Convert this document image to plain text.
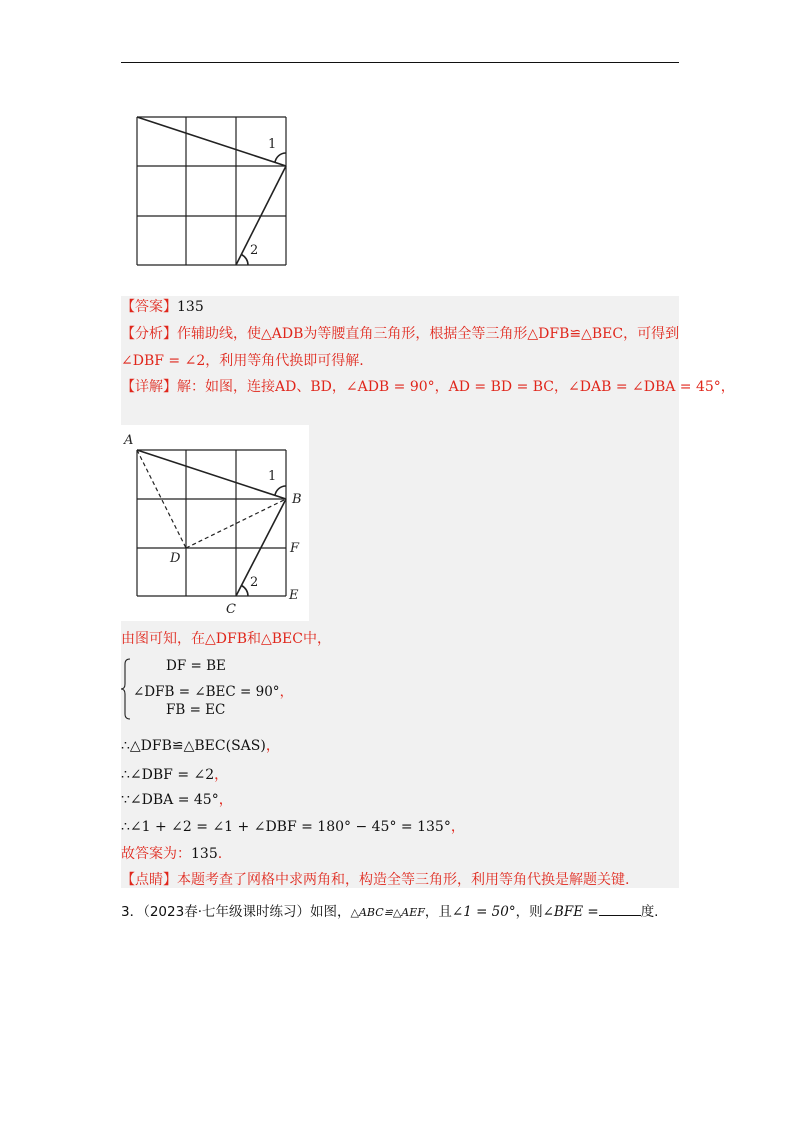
1
2
【答案】135
【分析】作辅助线，使△ADB为等腰直角三角形，根据全等三角形△DFB≌△BEC，可得到
∠DBF = ∠2，利用等角代换即可得解.
【详解】解：如图，连接AD、BD，∠ADB = 90°，AD = BD = BC，∠DAB = ∠DBA = 45°，
A
B
C
D
E
F
1
2
由图可知，在△DFB和△BEC中，
DF = BE
∠DFB = ∠BEC = 90°，
FB = EC
∴△DFB≌△BEC(SAS)，
∴∠DBF = ∠2，
∵∠DBA = 45°，
∴∠1 + ∠2 = ∠1 + ∠DBF = 180° − 45° = 135°，
故答案为：135.
【点睛】本题考查了网格中求两角和，构造全等三角形，利用等角代换是解题关键.
3．（2023春·七年级课时练习）如图，△ABC≌△AEF，且∠1 = 50°，则∠BFE =	度.
